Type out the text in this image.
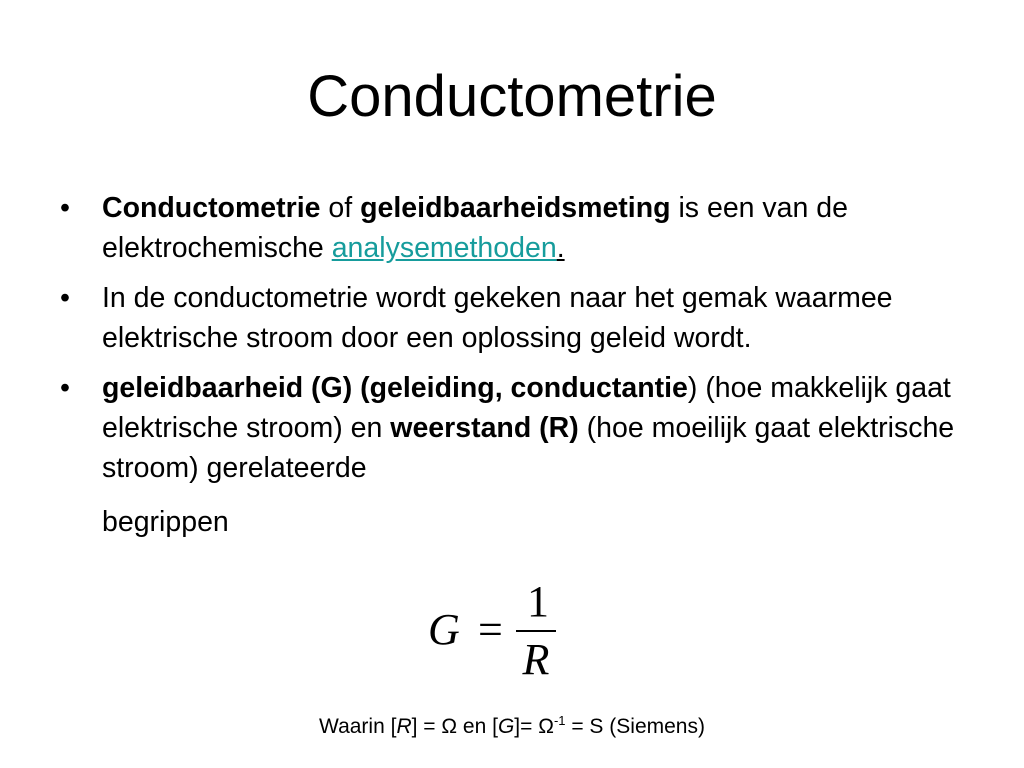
Conductometrie
•	Conductometrie of geleidbaarheidsmeting is een van de elektrochemische analysemethoden.
•	In de conductometrie wordt gekeken naar het gemak waarmee elektrische stroom door een oplossing geleid wordt.
•	geleidbaarheid (G) (geleiding, conductantie) (hoe makkelijk gaat elektrische stroom) en weerstand (R) (hoe moeilijk gaat elektrische stroom) gerelateerde
begrippen
G =
1
R
Waarin [R] = Ω en $[G]= \Omega^{-1} = S$ (Siemens)
